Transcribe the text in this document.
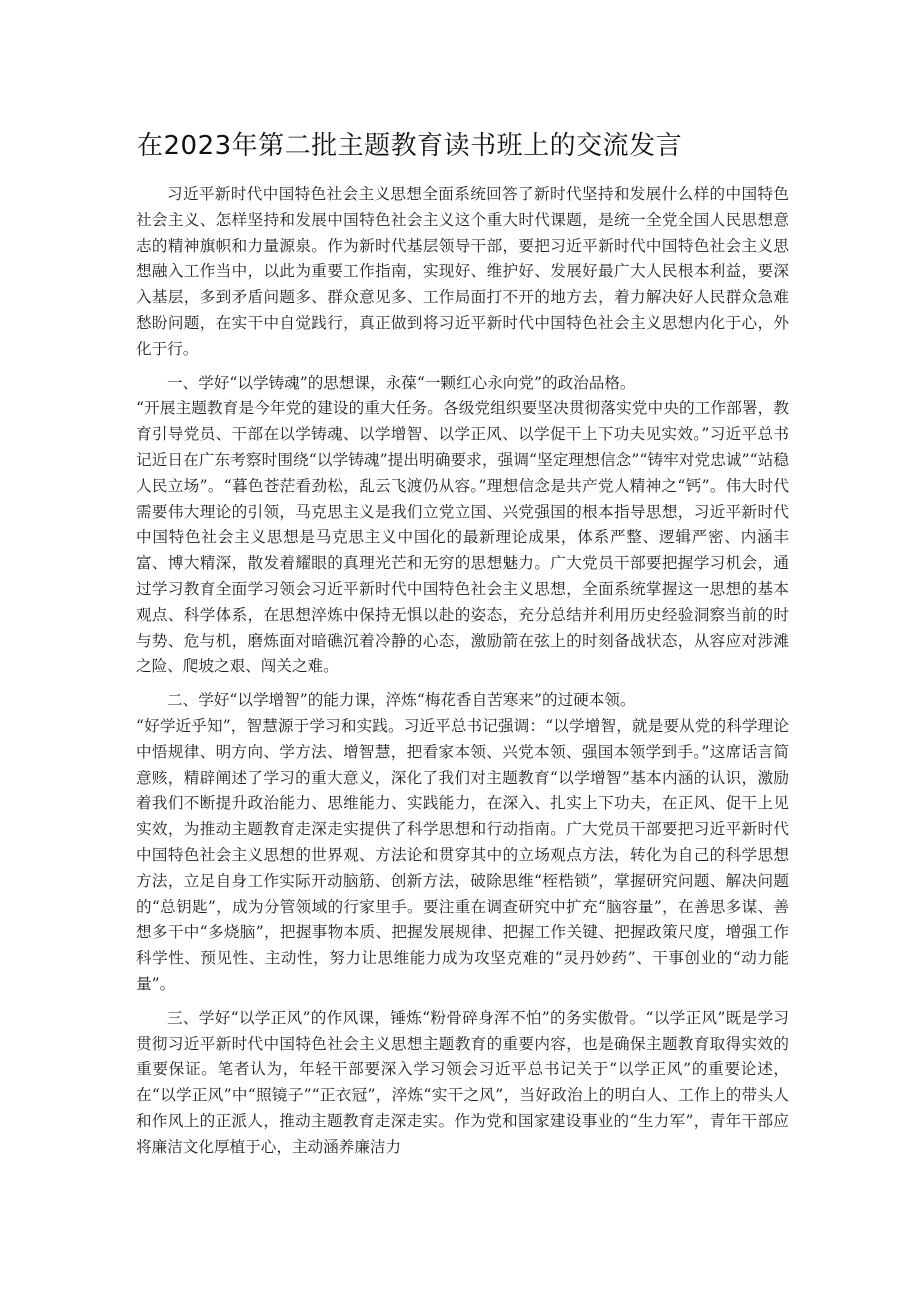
在2023年第二批主题教育读书班上的交流发言

习近平新时代中国特色社会主义思想全面系统回答了新时代坚持和发展什么样的中国特色社会主义、怎样坚持和发展中国特色社会主义这个重大时代课题，是统一全党全国人民思想意志的精神旗帜和力量源泉。作为新时代基层领导干部，要把习近平新时代中国特色社会主义思想融入工作当中，以此为重要工作指南，实现好、维护好、发展好最广大人民根本利益，要深入基层，多到矛盾问题多、群众意见多、工作局面打不开的地方去，着力解决好人民群众急难愁盼问题，在实干中自觉践行，真正做到将习近平新时代中国特色社会主义思想内化于心，外化于行。

一、学好“以学铸魂”的思想课，永葆“一颗红心永向党”的政治品格。

“开展主题教育是今年党的建设的重大任务。各级党组织要坚决贯彻落实党中央的工作部署，教育引导党员、干部在以学铸魂、以学增智、以学正风、以学促干上下功夫见实效。”习近平总书记近日在广东考察时围绕“以学铸魂”提出明确要求，强调“坚定理想信念”“铸牢对党忠诚”“站稳人民立场”。“暮色苍茫看劲松，乱云飞渡仍从容。”理想信念是共产党人精神之“钙”。伟大时代需要伟大理论的引领，马克思主义是我们立党立国、兴党强国的根本指导思想，习近平新时代中国特色社会主义思想是马克思主义中国化的最新理论成果，体系严整、逻辑严密、内涵丰富、博大精深，散发着耀眼的真理光芒和无穷的思想魅力。广大党员干部要把握学习机会，通过学习教育全面学习领会习近平新时代中国特色社会主义思想，全面系统掌握这一思想的基本观点、科学体系，在思想淬炼中保持无惧以赴的姿态，充分总结并利用历史经验洞察当前的时与势、危与机，磨炼面对暗礁沉着冷静的心态，激励箭在弦上的时刻备战状态，从容应对涉滩之险、爬坡之艰、闯关之难。

二、学好“以学增智”的能力课，淬炼“梅花香自苦寒来”的过硬本领。

“好学近乎知”，智慧源于学习和实践。习近平总书记强调：“以学增智，就是要从党的科学理论中悟规律、明方向、学方法、增智慧，把看家本领、兴党本领、强国本领学到手。”这席话言简意赅，精辟阐述了学习的重大意义，深化了我们对主题教育“以学增智”基本内涵的认识，激励着我们不断提升政治能力、思维能力、实践能力，在深入、扎实上下功夫，在正风、促干上见实效，为推动主题教育走深走实提供了科学思想和行动指南。广大党员干部要把习近平新时代中国特色社会主义思想的世界观、方法论和贯穿其中的立场观点方法，转化为自己的科学思想方法，立足自身工作实际开动脑筋、创新方法，破除思维“桎梏锁”，掌握研究问题、解决问题的“总钥匙”，成为分管领域的行家里手。要注重在调查研究中扩充“脑容量”，在善思多谋、善想多干中“多烧脑”，把握事物本质、把握发展规律、把握工作关键、把握政策尺度，增强工作科学性、预见性、主动性，努力让思维能力成为攻坚克难的“灵丹妙药”、干事创业的“动力能量”。

三、学好“以学正风”的作风课，锤炼“粉骨碎身浑不怕”的务实傲骨。“以学正风”既是学习贯彻习近平新时代中国特色社会主义思想主题教育的重要内容，也是确保主题教育取得实效的重要保证。笔者认为，年轻干部要深入学习领会习近平总书记关于“以学正风”的重要论述，在“以学正风”中“照镜子”“正衣冠”，淬炼“实干之风”，当好政治上的明白人、工作上的带头人和作风上的正派人，推动主题教育走深走实。作为党和国家建设事业的“生力军”，青年干部应将廉洁文化厚植于心，主动涵养廉洁力
